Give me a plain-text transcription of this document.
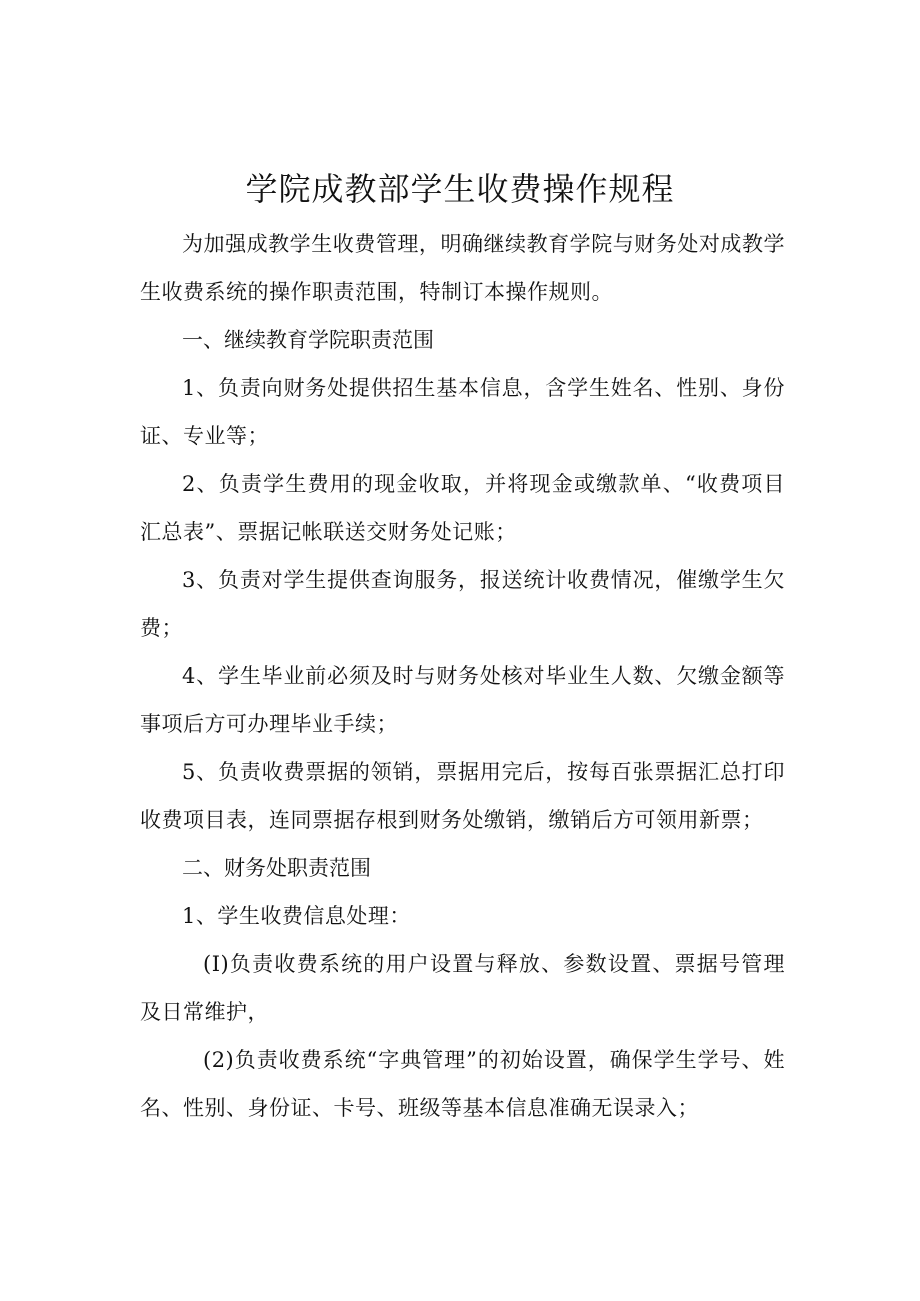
学院成教部学生收费操作规程

为加强成教学生收费管理，明确继续教育学院与财务处对成教学生收费系统的操作职责范围，特制订本操作规则。

一、继续教育学院职责范围

1、负责向财务处提供招生基本信息，含学生姓名、性别、身份证、专业等；

2、负责学生费用的现金收取，并将现金或缴款单、“收费项目汇总表”、票据记帐联送交财务处记账；

3、负责对学生提供查询服务，报送统计收费情况，催缴学生欠费；

4、学生毕业前必须及时与财务处核对毕业生人数、欠缴金额等事项后方可办理毕业手续；

5、负责收费票据的领销，票据用完后，按每百张票据汇总打印收费项目表，连同票据存根到财务处缴销，缴销后方可领用新票；

二、财务处职责范围

1、学生收费信息处理：

(I)负责收费系统的用户设置与释放、参数设置、票据号管理及日常维护，

(2)负责收费系统“字典管理”的初始设置，确保学生学号、姓名、性别、身份证、卡号、班级等基本信息准确无误录入；
